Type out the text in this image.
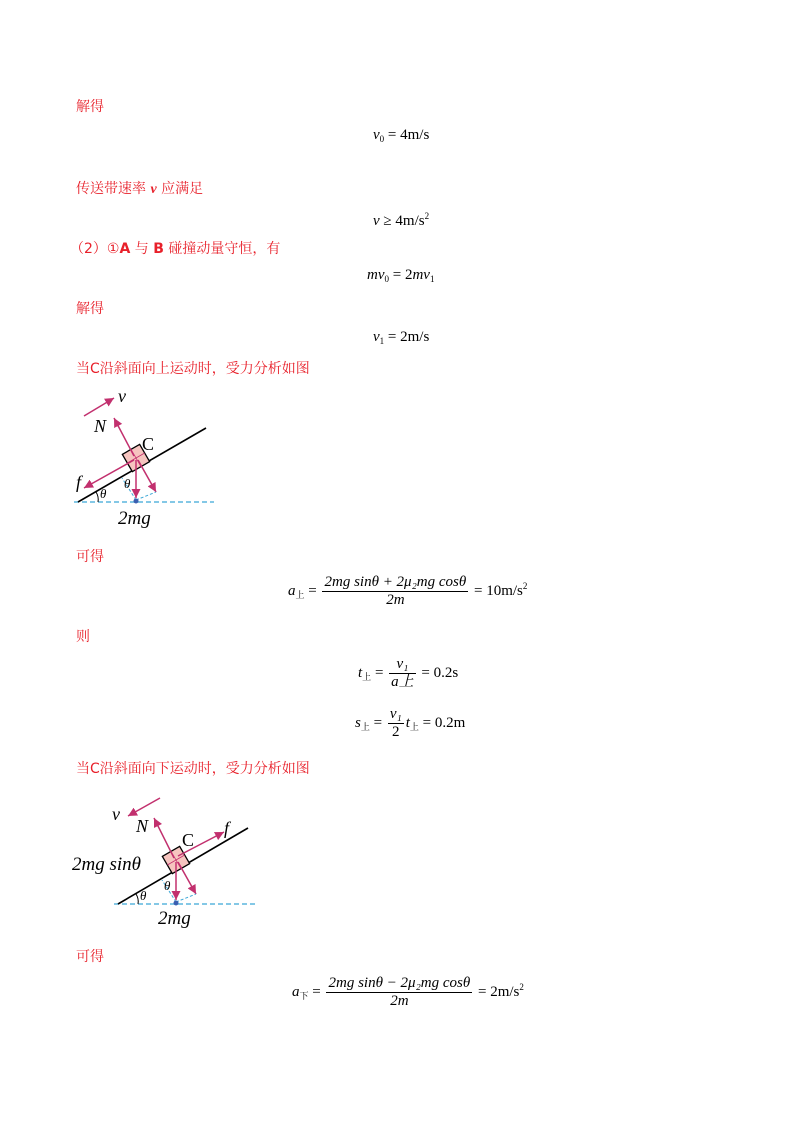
解得
$v_0 = 4m/s$
传送带速率 v 应满足
$v \ge 4m/s^2$
（2）①A 与 B 碰撞动量守恒，有
$mv_0 = 2mv_1$
解得
$v_1 = 2m/s$
当C沿斜面向上运动时，受力分析如图
v
N
C
f
θ
θ
2mg
可得
$a_上 = \frac{\text{2mg sinθ + 2μ₂mg cosθ}}{2m} = 10m/s^2$
则
$t_上 = \frac{\text{v₁}}{\text{a上}} = 0.2s$
$s_上 = \frac{\text{v₁}}{2} t_上 = 0.2m$
当C沿斜面向下运动时，受力分析如图
v
N
C
f
2mg sinθ
θ
θ
2mg
可得
$a_下 = \frac{\text{2mg sinθ − 2μ₂mg cosθ}}{2m} = 2m/s^2$
